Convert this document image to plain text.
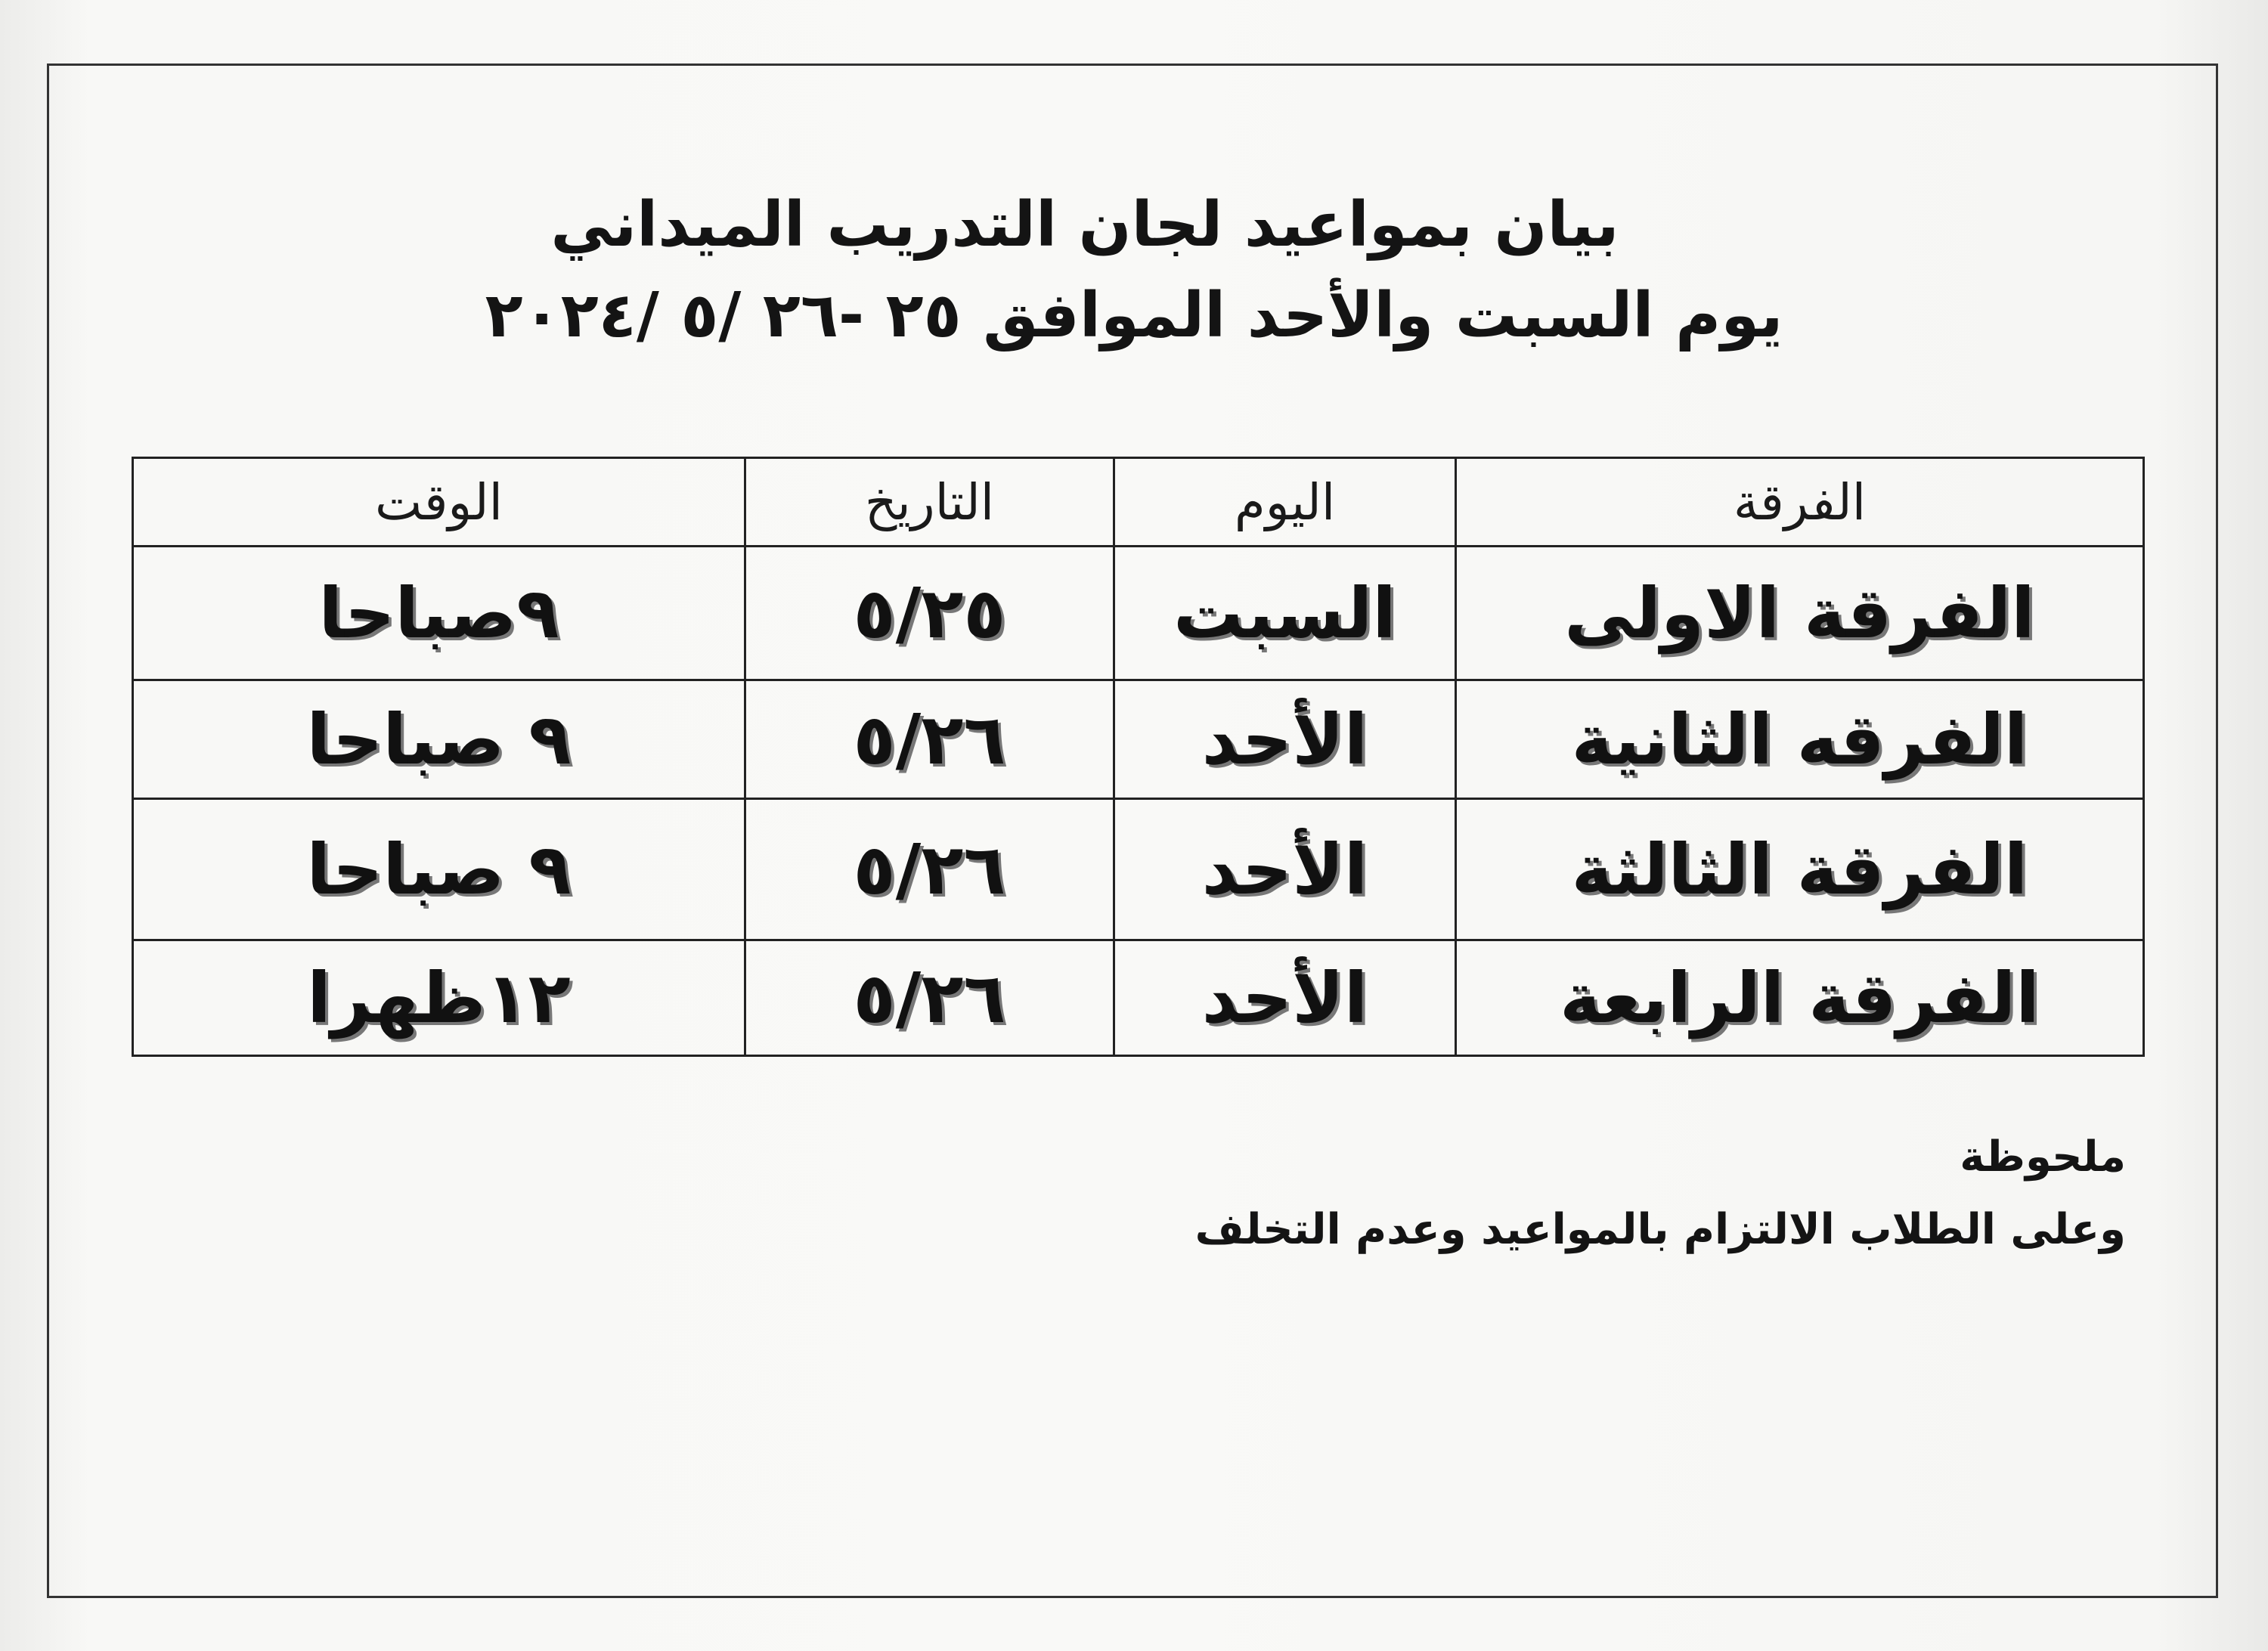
بيان بمواعيد لجان التدريب الميداني
يوم السبت والأحد الموافق ٢٥ -٢٦ /٥ /٢٠٢٤
الفرقة	اليوم	التاريخ	الوقت
الفرقة الاولى	السبت	٥/٢٥	٩صباحا
الفرقه الثانية	الأحد	٥/٢٦	٩ صباحا
الفرقة الثالثة	الأحد	٥/٢٦	٩ صباحا
الفرقة الرابعة	الأحد	٥/٢٦	١٢ظهرا
ملحوظة
وعلى الطلاب الالتزام بالمواعيد وعدم التخلف
